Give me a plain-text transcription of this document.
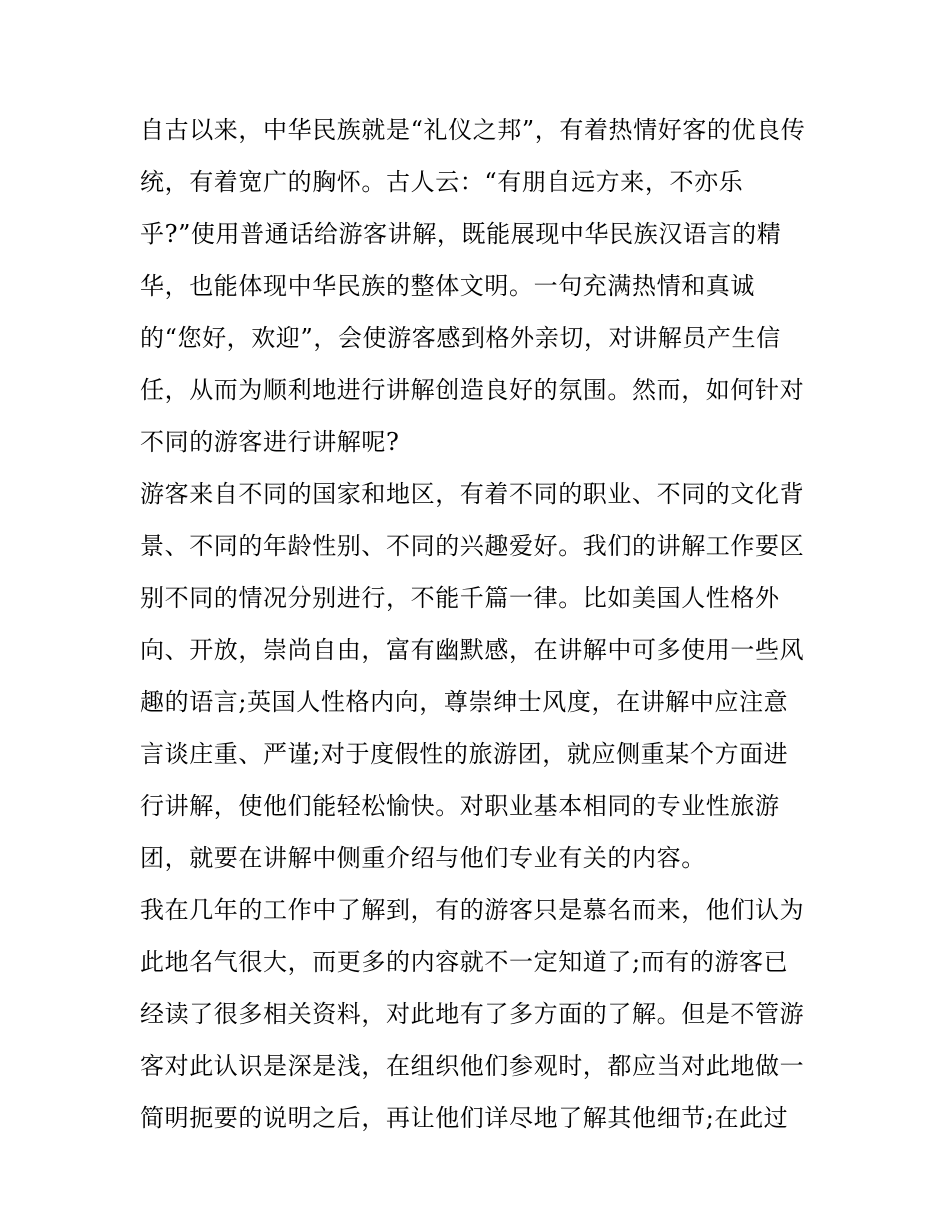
自古以来，中华民族就是“礼仪之邦”，有着热情好客的优良传
统，有着宽广的胸怀。古人云：“有朋自远方来，不亦乐
乎?”使用普通话给游客讲解，既能展现中华民族汉语言的精
华，也能体现中华民族的整体文明。一句充满热情和真诚
的“您好，欢迎”，会使游客感到格外亲切，对讲解员产生信
任，从而为顺利地进行讲解创造良好的氛围。然而，如何针对
不同的游客进行讲解呢?
游客来自不同的国家和地区，有着不同的职业、不同的文化背
景、不同的年龄性别、不同的兴趣爱好。我们的讲解工作要区
别不同的情况分别进行，不能千篇一律。比如美国人性格外
向、开放，崇尚自由，富有幽默感，在讲解中可多使用一些风
趣的语言;英国人性格内向，尊崇绅士风度，在讲解中应注意
言谈庄重、严谨;对于度假性的旅游团，就应侧重某个方面进
行讲解，使他们能轻松愉快。对职业基本相同的专业性旅游
团，就要在讲解中侧重介绍与他们专业有关的内容。
我在几年的工作中了解到，有的游客只是慕名而来，他们认为
此地名气很大，而更多的内容就不一定知道了;而有的游客已
经读了很多相关资料，对此地有了多方面的了解。但是不管游
客对此认识是深是浅，在组织他们参观时，都应当对此地做一
简明扼要的说明之后，再让他们详尽地了解其他细节;在此过
